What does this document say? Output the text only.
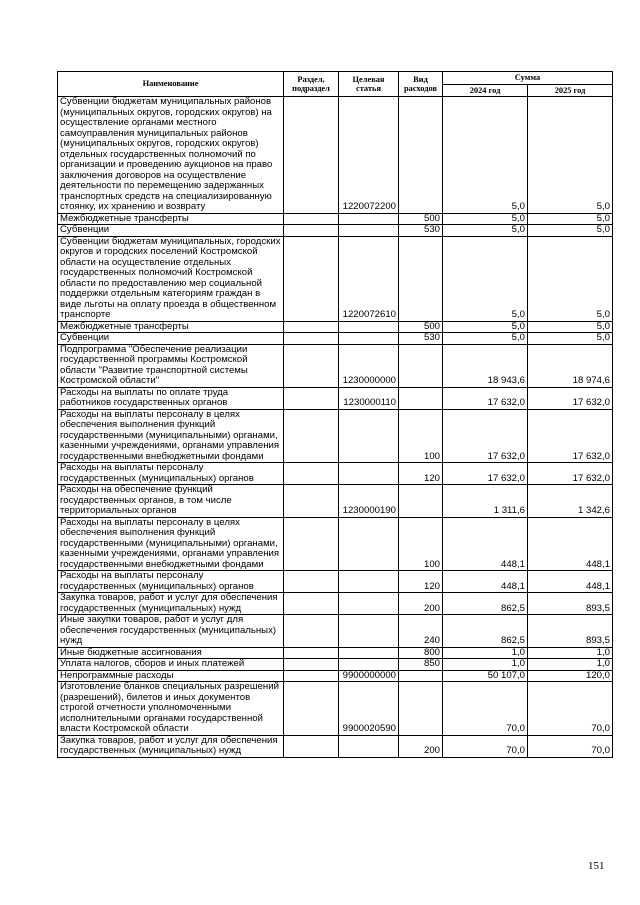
Наименование	Раздел, подраздел	Целевая статья	Вид расходов	Сумма	
				2024 год	2025 год
Субвенции бюджетам муниципальных районов (муниципальных округов, городских округов) на осуществление органами местного самоуправления муниципальных районов (муниципальных округов, городских округов) отдельных государственных полномочий по организации и проведению аукционов на право заключения договоров на осуществление деятельности по перемещению задержанных транспортных средств на специализированную стоянку, их хранению и возврату		1220072200		5,0	5,0
Межбюджетные трансферты			500	5,0	5,0
Субвенции			530	5,0	5,0
Субвенции бюджетам муниципальных, городских округов и городских поселений Костромской области на осуществление отдельных государственных полномочий Костромской области по предоставлению мер социальной поддержки отдельным категориям граждан в виде льготы на оплату проезда в общественном транспорте		1220072610		5,0	5,0
Межбюджетные трансферты			500	5,0	5,0
Субвенции			530	5,0	5,0
Подпрограмма "Обеспечение реализации государственной программы Костромской области "Развитие транспортной системы Костромской области"		1230000000		18 943,6	18 974,6
Расходы на выплаты по оплате труда работников государственных органов		1230000110		17 632,0	17 632,0
Расходы на выплаты персоналу в целях обеспечения выполнения функций государственными (муниципальными) органами, казенными учреждениями, органами управления государственными внебюджетными фондами			100	17 632,0	17 632,0
Расходы на выплаты персоналу государственных (муниципальных) органов			120	17 632,0	17 632,0
Расходы на обеспечение функций государственных органов, в том числе территориальных органов		1230000190		1 311,6	1 342,6
Расходы на выплаты персоналу в целях обеспечения выполнения функций государственными (муниципальными) органами, казенными учреждениями, органами управления государственными внебюджетными фондами			100	448,1	448,1
Расходы на выплаты персоналу государственных (муниципальных) органов			120	448,1	448,1
Закупка товаров, работ и услуг для обеспечения государственных (муниципальных) нужд			200	862,5	893,5
Иные закупки товаров, работ и услуг для обеспечения государственных (муниципальных) нужд			240	862,5	893,5
Иные бюджетные ассигнования			800	1,0	1,0
Уплата налогов, сборов и иных платежей			850	1,0	1,0
Непрограммные расходы		9900000000		50 107,0	120,0
Изготовление бланков специальных разрешений (разрешений), билетов и иных документов строгой отчетности уполномоченными исполнительными органами государственной власти Костромской области		9900020590		70,0	70,0
Закупка товаров, работ и услуг для обеспечения государственных (муниципальных) нужд			200	70,0	70,0
151
